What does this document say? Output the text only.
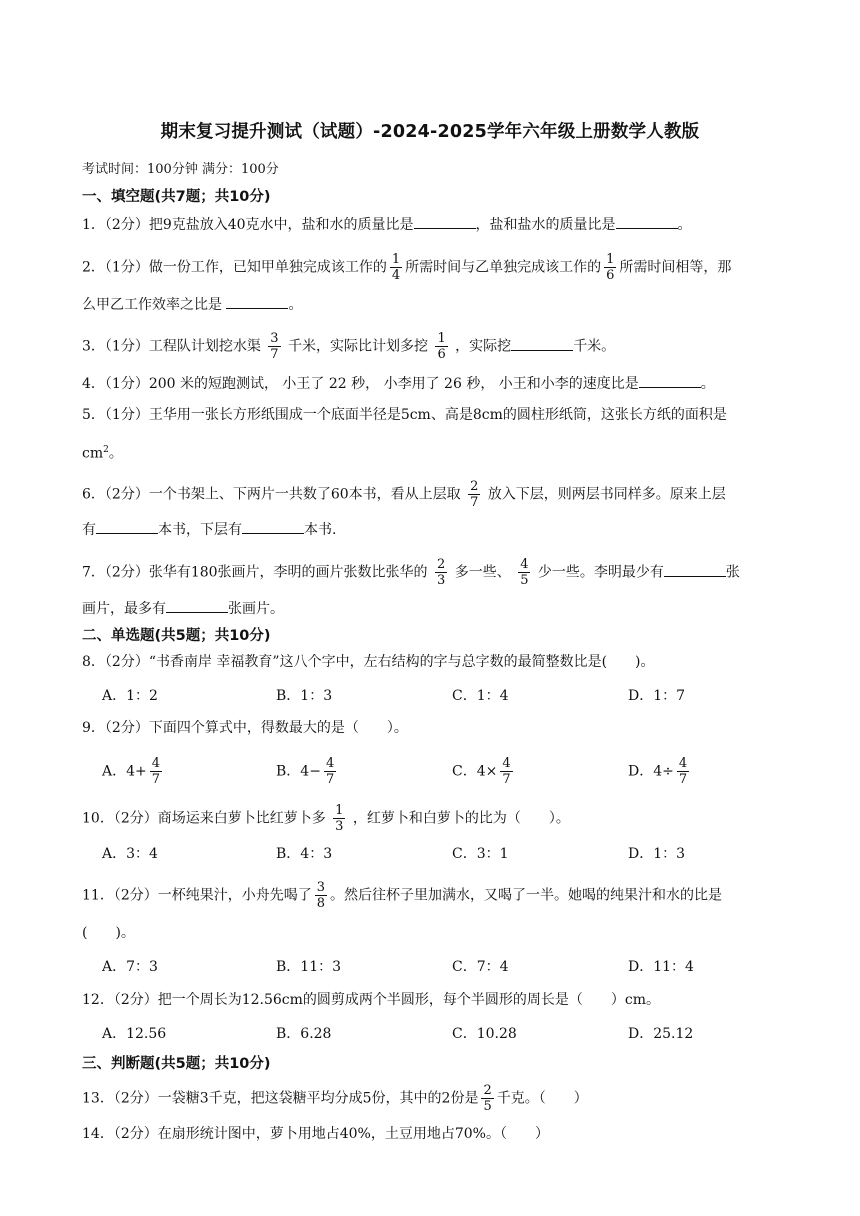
期末复习提升测试（试题）-2024-2025学年六年级上册数学人教版
考试时间：100分钟 满分：100分
一、填空题(共7题；共10分)
1．（2分）把9克盐放入40克水中，盐和水的质量比是	，盐和盐水的质量比是	。
2．（1分）做一份工作，已知甲单独完成该工作的 $\frac{1}{4}$ 所需时间与乙单独完成该工作的 $\frac{1}{6}$ 所需时间相等，那
么甲乙工作效率之比是	。
3．（1分）工程队计划挖水渠 $\frac{3}{7}$ 千米，实际比计划多挖 $\frac{1}{6}$ ，实际挖	千米。
4．（1分）200 米的短跑测试， 小王了 22 秒， 小李用了 26 秒， 小王和小李的速度比是	。
5．（1分）王华用一张长方形纸围成一个底面半径是5cm、高是8cm的圆柱形纸筒，这张长方纸的面积是
$cm^2$。
6．（2分）一个书架上、下两片一共数了60本书，看从上层取 $\frac{2}{7}$ 放入下层，则两层书同样多。原来上层
有	本书，下层有	本书.
7．（2分）张华有180张画片，李明的画片张数比张华的 $\frac{2}{3}$ 多一些、 $\frac{4}{5}$ 少一些。李明最少有	张
画片，最多有	张画片。
二、单选题(共5题；共10分)
8．（2分）“书香南岸 幸福教育”这八个字中，左右结构的字与总字数的最简整数比是(　　)。
A．1：2	B．1：3	C．1：4	D．1：7
9．（2分）下面四个算式中，得数最大的是（　　）。
A．$4+ \frac{4}{7}$	B．$4- \frac{4}{7}$	C．$4\times \frac{4}{7}$	D．$4\div \frac{4}{7}$
10．（2分）商场运来白萝卜比红萝卜多 $\frac{1}{3}$ ，红萝卜和白萝卜的比为（　　）。
A．3：4	B．4：3	C．3：1	D．1：3
11．（2分）一杯纯果汁，小舟先喝了 $\frac{3}{8}$ 。然后往杯子里加满水，又喝了一半。她喝的纯果汁和水的比是
(　　)。
A．7：3	B．11：3	C．7：4	D．11：4
12．（2分）把一个周长为12.56cm的圆剪成两个半圆形，每个半圆形的周长是（　　）cm。
A．12.56	B．6.28	C．10.28	D．25.12
三、判断题(共5题；共10分)
13．（2分）一袋糖3千克，把这袋糖平均分成5份，其中的2份是 $\frac{2}{5}$ 千克。（　　）
14．（2分）在扇形统计图中，萝卜用地占40%，土豆用地占70%。（　　）
